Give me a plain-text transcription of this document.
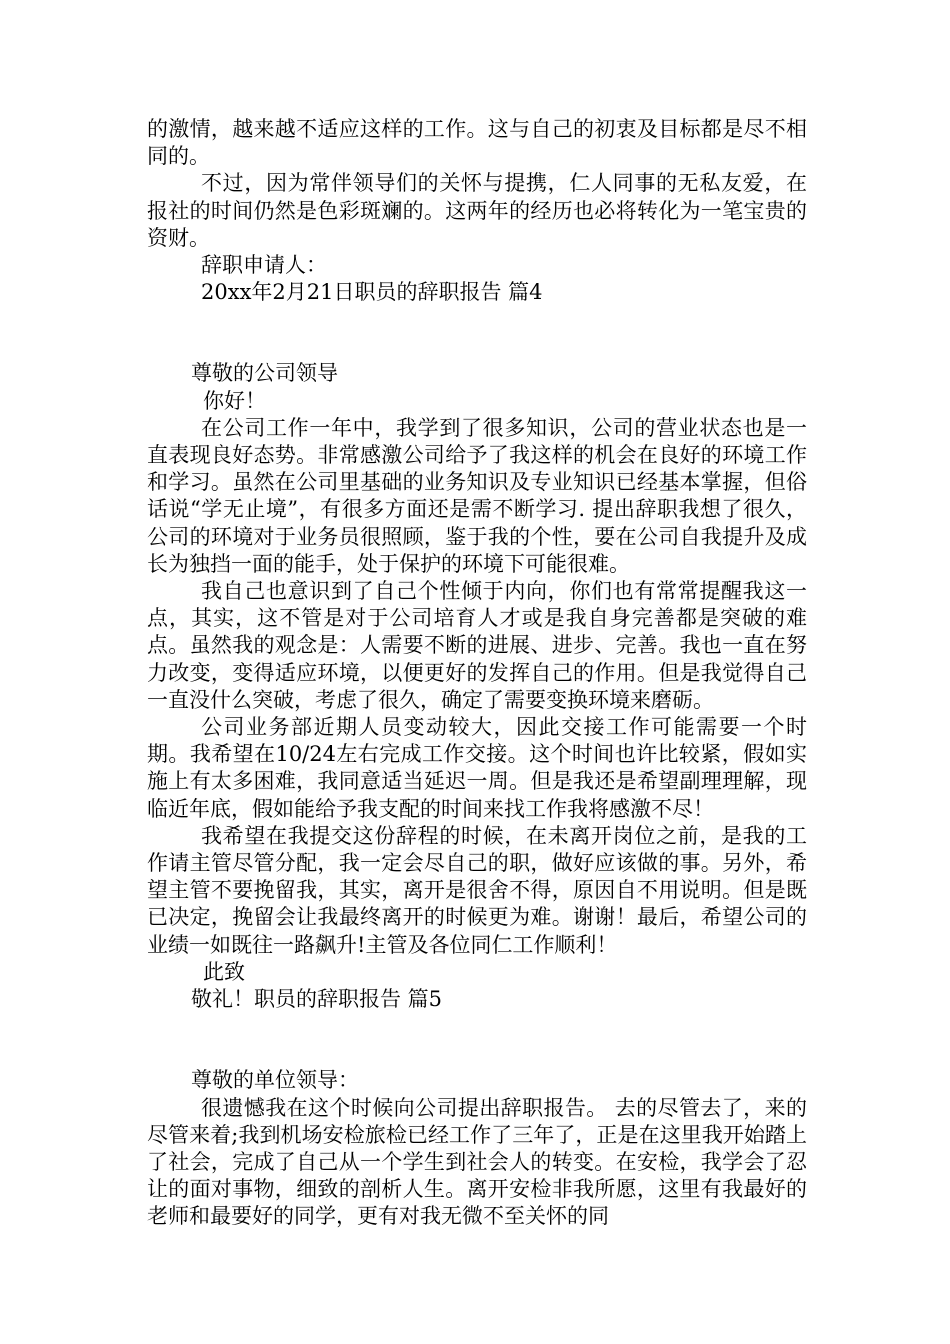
的激情，越来越不适应这样的工作。这与自己的初衷及目标都是尽不相同的。

不过，因为常伴领导们的关怀与提携，仁人同事的无私友爱，在报社的时间仍然是色彩斑斓的。这两年的经历也必将转化为一笔宝贵的资财。

辞职申请人：

20xx年2月21日职员的辞职报告 篇4

尊敬的公司领导

你好！

在公司工作一年中，我学到了很多知识，公司的营业状态也是一直表现良好态势。非常感激公司给予了我这样的机会在良好的环境工作和学习。虽然在公司里基础的业务知识及专业知识已经基本掌握，但俗话说“学无止境”，有很多方面还是需不断学习. 提出辞职我想了很久，公司的环境对于业务员很照顾，鉴于我的个性，要在公司自我提升及成长为独挡一面的能手，处于保护的环境下可能很难。

我自己也意识到了自己个性倾于内向，你们也有常常提醒我这一点，其实，这不管是对于公司培育人才或是我自身完善都是突破的难点。虽然我的观念是：人需要不断的进展、进步、完善。我也一直在努力改变，变得适应环境，以便更好的发挥自己的作用。但是我觉得自己一直没什么突破，考虑了很久，确定了需要变换环境来磨砺。

公司业务部近期人员变动较大，因此交接工作可能需要一个时期。我希望在10/24左右完成工作交接。这个时间也许比较紧，假如实施上有太多困难，我同意适当延迟一周。但是我还是希望副理理解，现临近年底，假如能给予我支配的时间来找工作我将感激不尽！

我希望在我提交这份辞程的时候，在未离开岗位之前，是我的工作请主管尽管分配，我一定会尽自己的职，做好应该做的事。另外，希望主管不要挽留我，其实，离开是很舍不得，原因自不用说明。但是既已决定，挽留会让我最终离开的时候更为难。谢谢！最后，希望公司的业绩一如既往一路飙升!主管及各位同仁工作顺利！

此致

敬礼！职员的辞职报告 篇5

尊敬的单位领导：

很遗憾我在这个时候向公司提出辞职报告。 去的尽管去了，来的尽管来着;我到机场安检旅检已经工作了三年了，正是在这里我开始踏上了社会，完成了自己从一个学生到社会人的转变。在安检，我学会了忍让的面对事物，细致的剖析人生。离开安检非我所愿，这里有我最好的老师和最要好的同学，更有对我无微不至关怀的同
